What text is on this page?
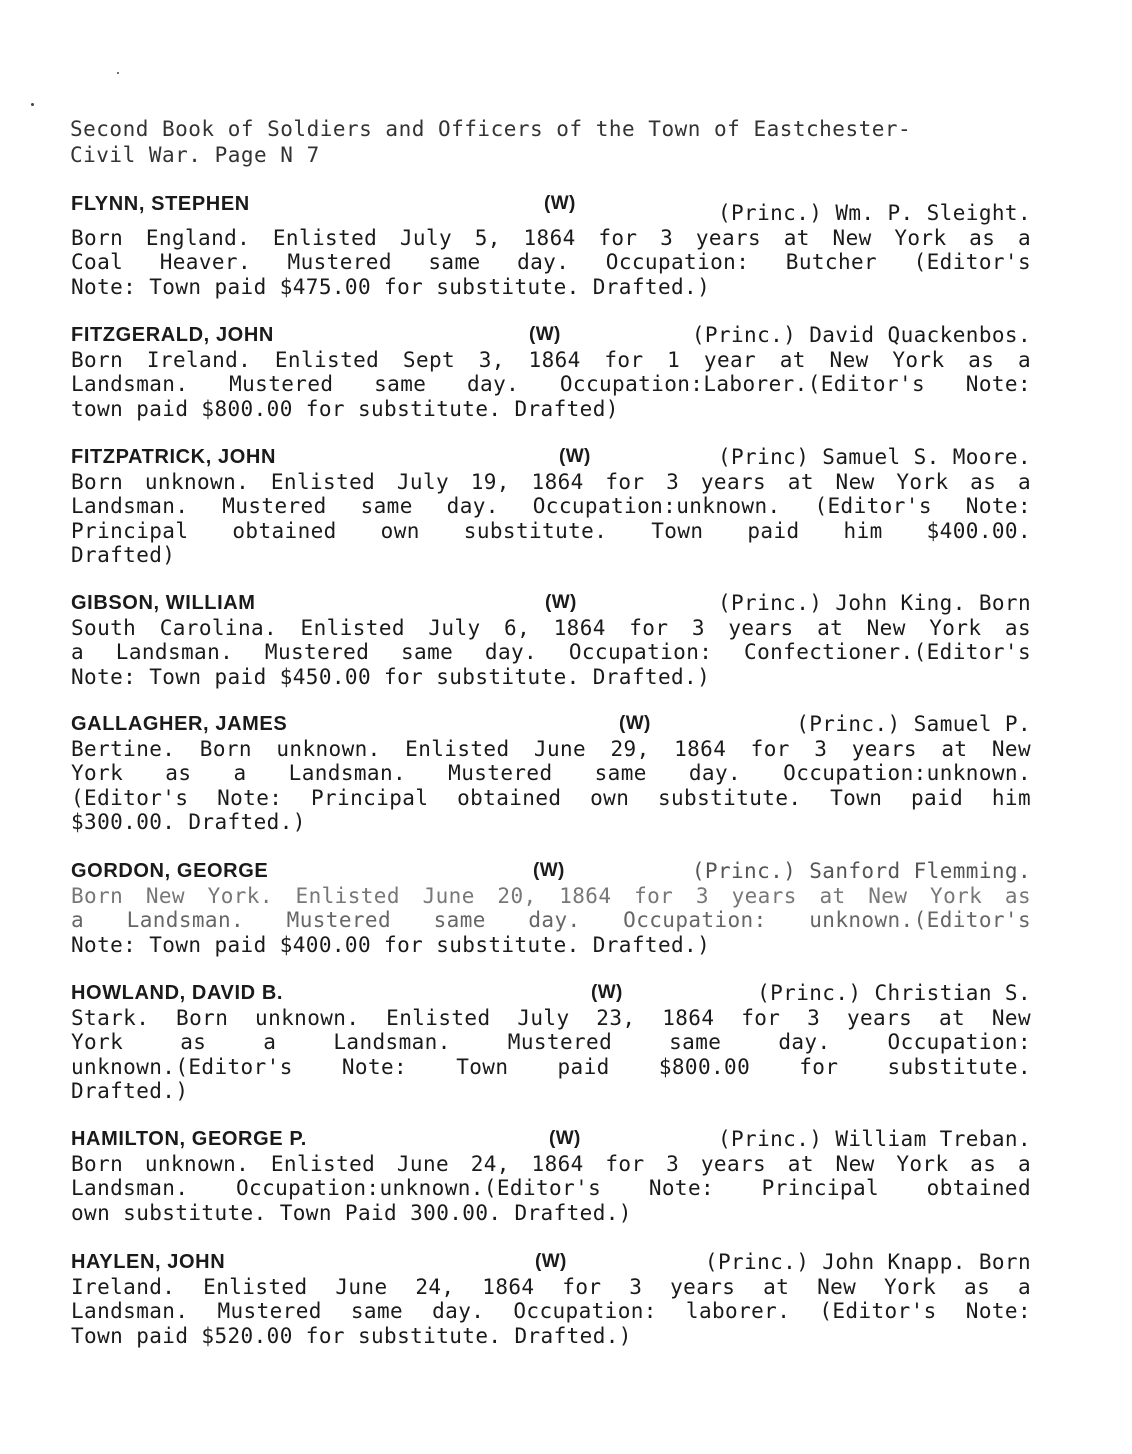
Second Book of Soldiers and Officers of the Town of Eastchester-
Civil War. Page N 7
FLYNN, STEPHEN	(W)	(Princ.) Wm. P. Sleight.
Born England. Enlisted July 5, 1864 for 3 years at New York as a
Coal Heaver. Mustered same day. Occupation: Butcher (Editor's
Note: Town paid $475.00 for substitute. Drafted.)
FITZGERALD, JOHN	(W)	(Princ.) David Quackenbos.
Born Ireland. Enlisted Sept 3, 1864 for 1 year at New York as a
Landsman. Mustered same day. Occupation:Laborer.(Editor's Note:
town paid $800.00 for substitute. Drafted)
FITZPATRICK, JOHN	(W)	(Princ) Samuel S. Moore.
Born unknown. Enlisted July 19, 1864 for 3 years at New York as a
Landsman. Mustered same day. Occupation:unknown. (Editor's Note:
Principal obtained own substitute. Town paid him $400.00.
Drafted)
GIBSON, WILLIAM	(W)	(Princ.) John King. Born
South Carolina. Enlisted July 6, 1864 for 3 years at New York as
a Landsman. Mustered same day. Occupation: Confectioner.(Editor's
Note: Town paid $450.00 for substitute. Drafted.)
GALLAGHER, JAMES	(W)	(Princ.) Samuel P.
Bertine. Born unknown. Enlisted June 29, 1864 for 3 years at New
York as a Landsman. Mustered same day. Occupation:unknown.
(Editor's Note: Principal obtained own substitute. Town paid him
$300.00. Drafted.)
GORDON, GEORGE	(W)	(Princ.) Sanford Flemming.
Born New York. Enlisted June 20, 1864 for 3 years at New York as
a Landsman. Mustered same day. Occupation: unknown.(Editor's
Note: Town paid $400.00 for substitute. Drafted.)
HOWLAND, DAVID B.	(W)	(Princ.) Christian S.
Stark. Born unknown. Enlisted July 23, 1864 for 3 years at New
York as a Landsman. Mustered same day. Occupation:
unknown.(Editor's Note: Town paid $800.00 for substitute.
Drafted.)
HAMILTON, GEORGE P.	(W)	(Princ.) William Treban.
Born unknown. Enlisted June 24, 1864 for 3 years at New York as a
Landsman. Occupation:unknown.(Editor's Note: Principal obtained
own substitute. Town Paid 300.00. Drafted.)
HAYLEN, JOHN	(W)	(Princ.) John Knapp. Born
Ireland. Enlisted June 24, 1864 for 3 years at New York as a
Landsman. Mustered same day. Occupation: laborer. (Editor's Note:
Town paid $520.00 for substitute. Drafted.)
